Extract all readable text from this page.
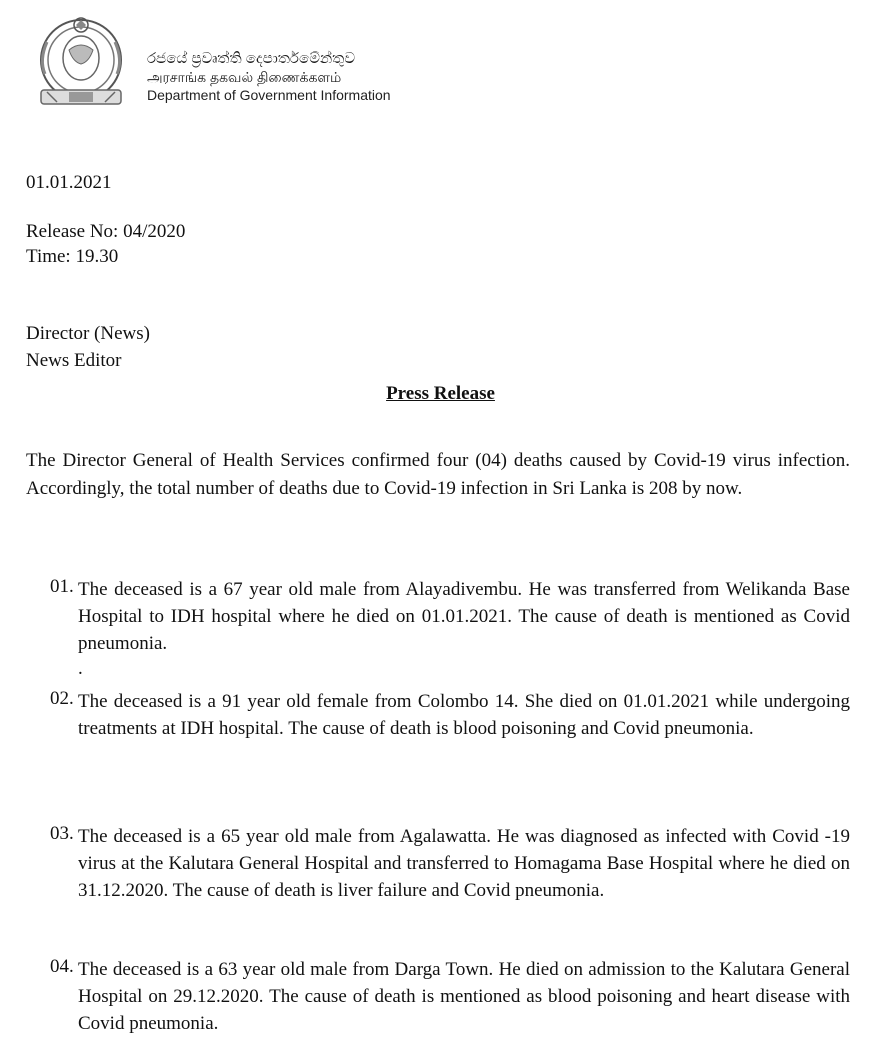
රජයේ ප්‍රවෘත්ති දෙපාර්තමේන්තුව
அரசாங்க தகவல் திணைக்களம்
Department of Government Information

01.01.2021

Release No: 04/2020

Time: 19.30

Director (News)

News Editor

Press Release

The Director General of Health Services confirmed four (04) deaths caused by Covid-19 virus infection. Accordingly, the total number of deaths due to Covid-19 infection in Sri Lanka is 208 by now.

01. The deceased is a 67 year old male from Alayadivembu. He was transferred from Welikanda Base Hospital to IDH hospital where he died on 01.01.2021. The cause of death is mentioned as Covid pneumonia.

.
02. The deceased is a 91 year old female from Colombo 14. She died on 01.01.2021 while undergoing treatments at IDH hospital. The cause of death is blood poisoning and Covid pneumonia.

03. The deceased is a 65 year old male from Agalawatta. He was diagnosed as infected with Covid -19 virus at the Kalutara General Hospital and transferred to Homagama Base Hospital where he died on 31.12.2020. The cause of death is liver failure and Covid pneumonia.

04. The deceased is a 63 year old male from Darga Town. He died on admission to the Kalutara General Hospital on 29.12.2020. The cause of death is mentioned as blood poisoning and heart disease with Covid pneumonia.
